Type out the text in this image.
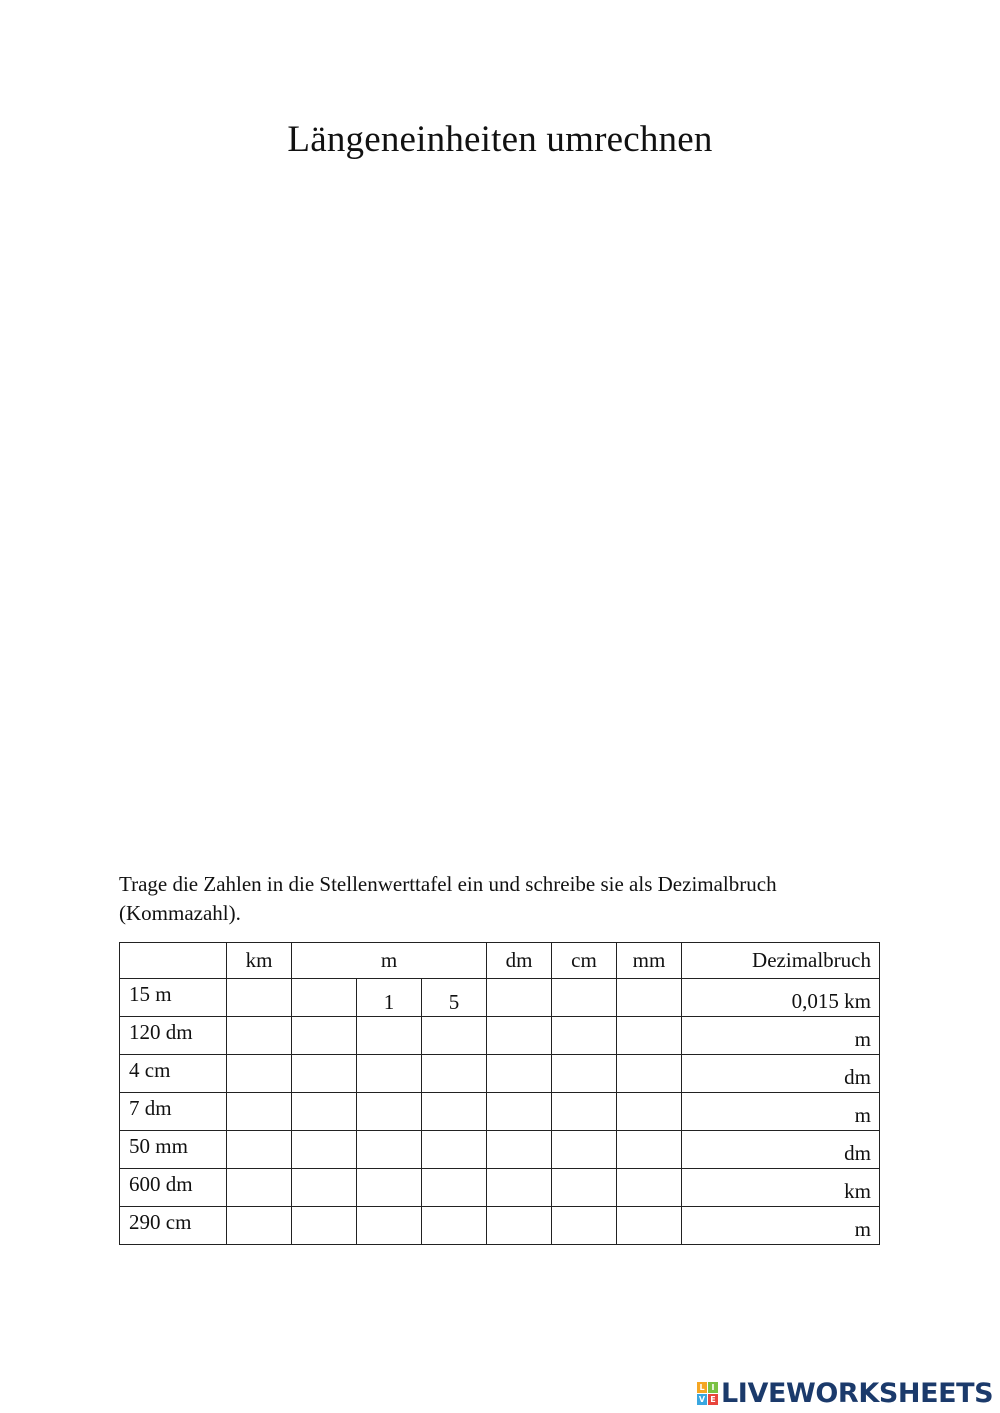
Längeneinheiten umrechnen
Trage die Zahlen in die Stellenwerttafel ein und schreibe sie als Dezimalbruch (Kommazahl).
	km	m			dm	cm	mm	Dezimalbruch
15 m			1	5				0,015 km
120 dm								m
4 cm								dm
7 dm								m
50 mm								dm
600 dm								km
290 cm								m
L I
V E LIVEWORKSHEETS
